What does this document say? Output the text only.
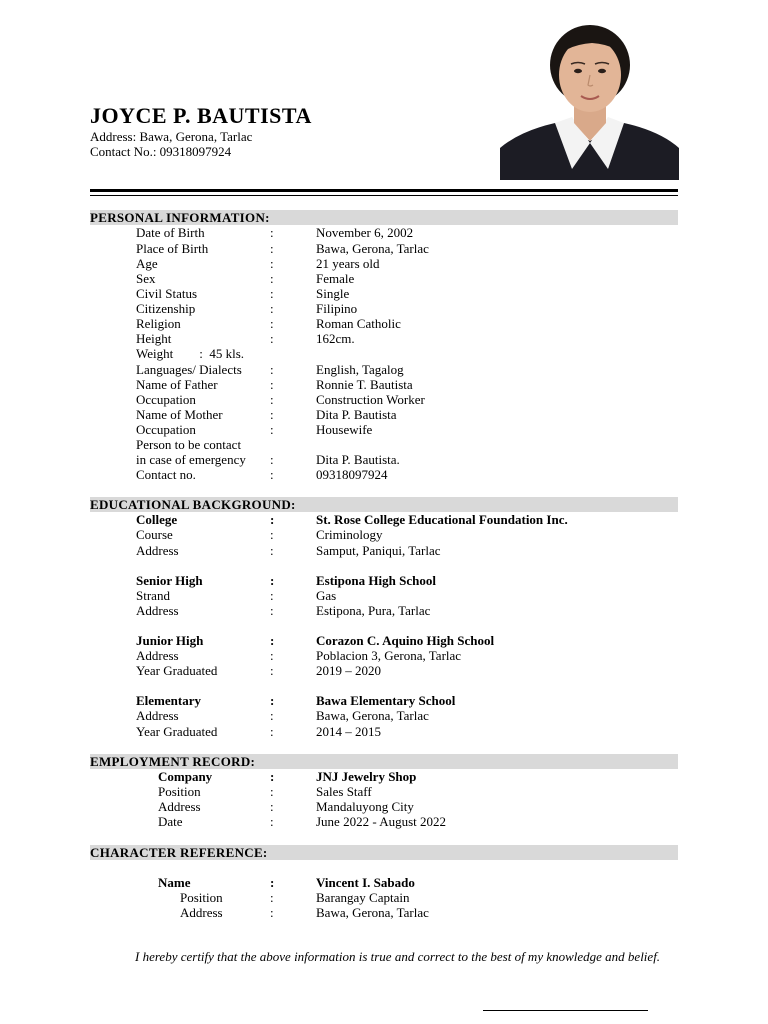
JOYCE P. BAUTISTA
Address: Bawa, Gerona, Tarlac
Contact No.: 09318097924
PERSONAL INFORMATION:
EDUCATIONAL BACKGROUND:
EMPLOYMENT RECORD:
CHARACTER REFERENCE:
Date of Birth	:	November 6, 2002
Place of Birth	:	Bawa, Gerona, Tarlac
Age	:	21 years old
Sex	:	Female
Civil Status	:	Single
Citizenship	:	Filipino
Religion	:	Roman Catholic
Height	:	162cm.
Weight        :  45 kls.
Languages/ Dialects :	English, Tagalog
Name of Father	:	Ronnie T. Bautista
Occupation	:	Construction Worker
Name of Mother	:	Dita P. Bautista
Occupation	:	Housewife
Person to be contact
in case of emergency :	Dita P. Bautista.
Contact no.	:	09318097924
College	:	St. Rose College Educational Foundation Inc.
Course	:	Criminology
Address	:	Samput, Paniqui, Tarlac
Senior High	:	Estipona High School
Strand	:	Gas
Address	:	Estipona, Pura, Tarlac
Junior High	:	Corazon C. Aquino High School
Address	:	Poblacion 3, Gerona, Tarlac
Year Graduated	:	2019 – 2020
Elementary	:	Bawa Elementary School
Address	:	Bawa, Gerona, Tarlac
Year Graduated	:	2014 – 2015
Company	:	JNJ Jewelry Shop
Position	:	Sales Staff
Address	:	Mandaluyong City
Date	:	June 2022 - August 2022
Name	:	Vincent I. Sabado
Position	:	Barangay Captain
Address	:	Bawa, Gerona, Tarlac
I hereby certify that the above information is true and correct to the best of my knowledge and belief.
